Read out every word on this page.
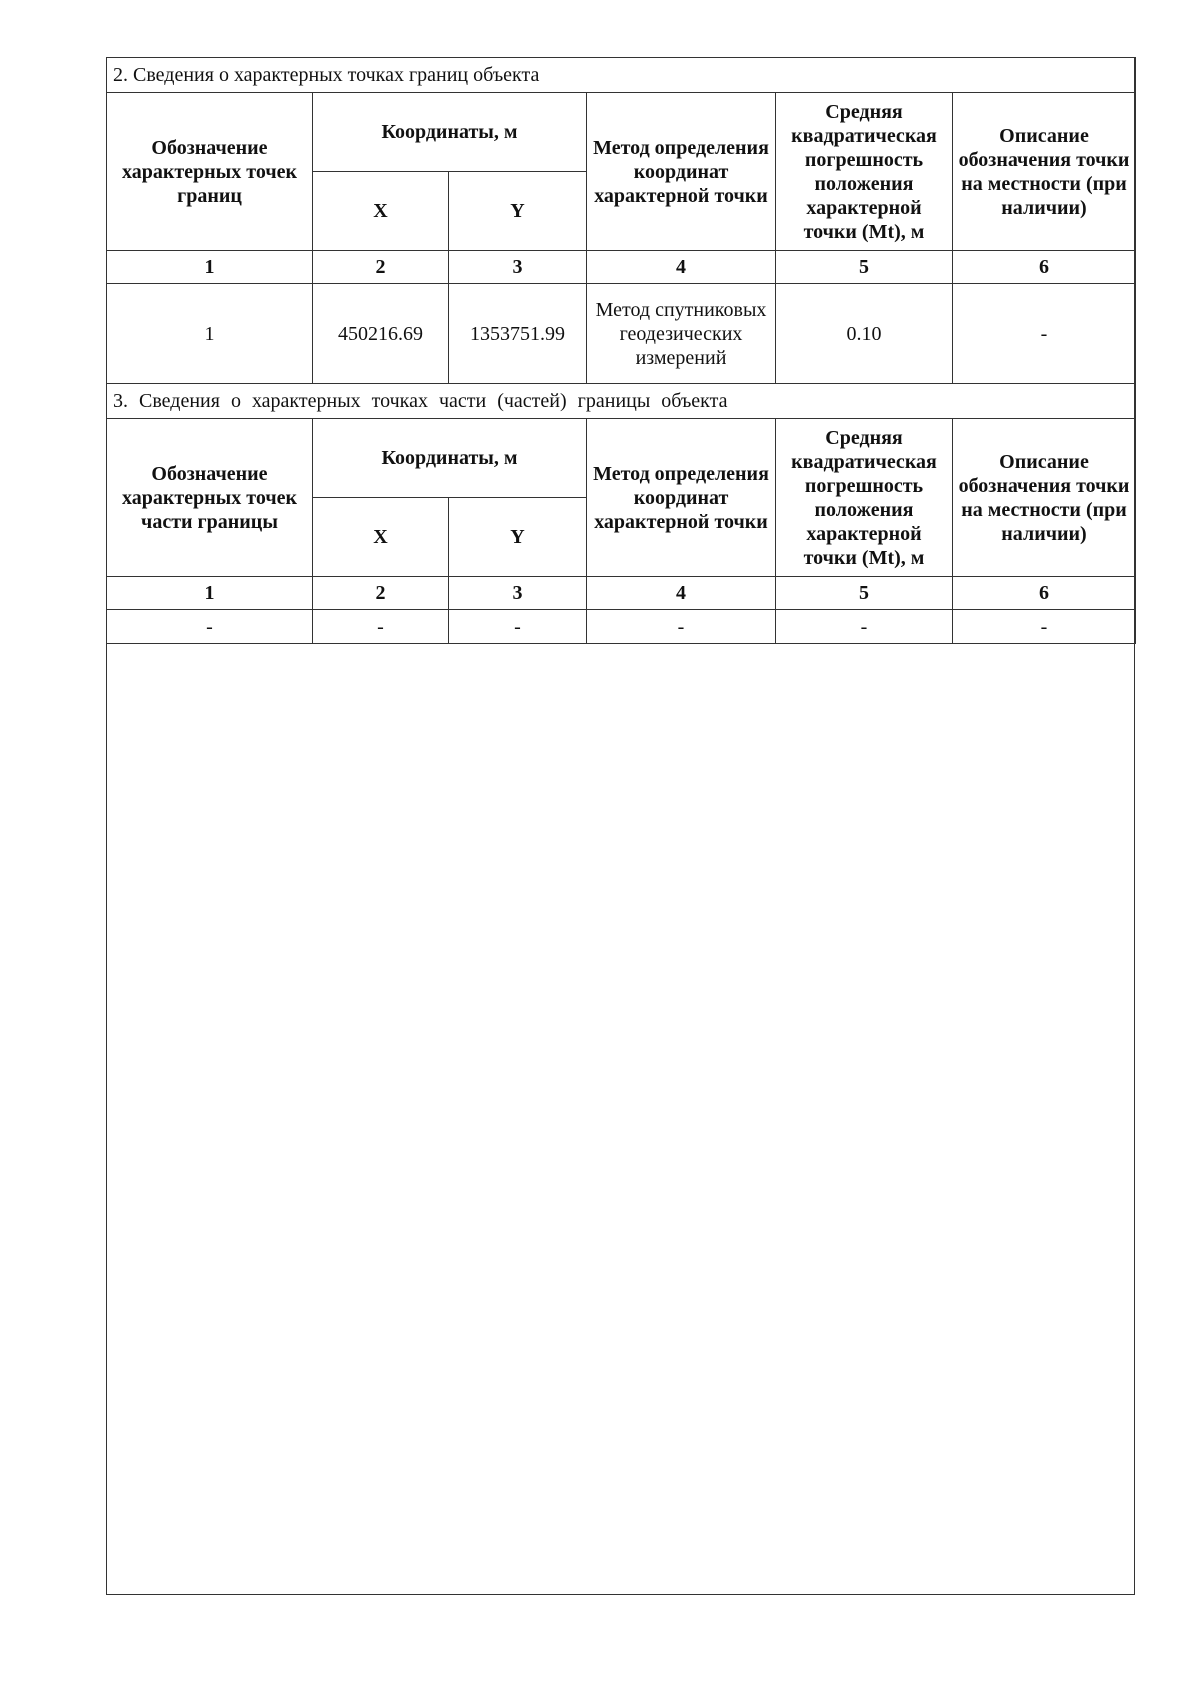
2. Сведения о характерных точках границ объекта					
Обозначение характерных точек границ	Координаты, м		Метод определения координат характерной точки	Средняя квадратическая погрешность положения характерной точки (Mt), м	Описание обозначения точки на местности (при наличии)
	X	Y			
1	2	3	4	5	6
1	450216.69	1353751.99	Метод спутниковых геодезических измерений	0.10	-
3. Сведения о характерных точках части (частей) границы объекта					
Обозначение характерных точек части границы	Координаты, м		Метод определения координат характерной точки	Средняя квадратическая погрешность положения характерной точки (Mt), м	Описание обозначения точки на местности (при наличии)
	X	Y			
1	2	3	4	5	6
-	-	-	-	-	-
